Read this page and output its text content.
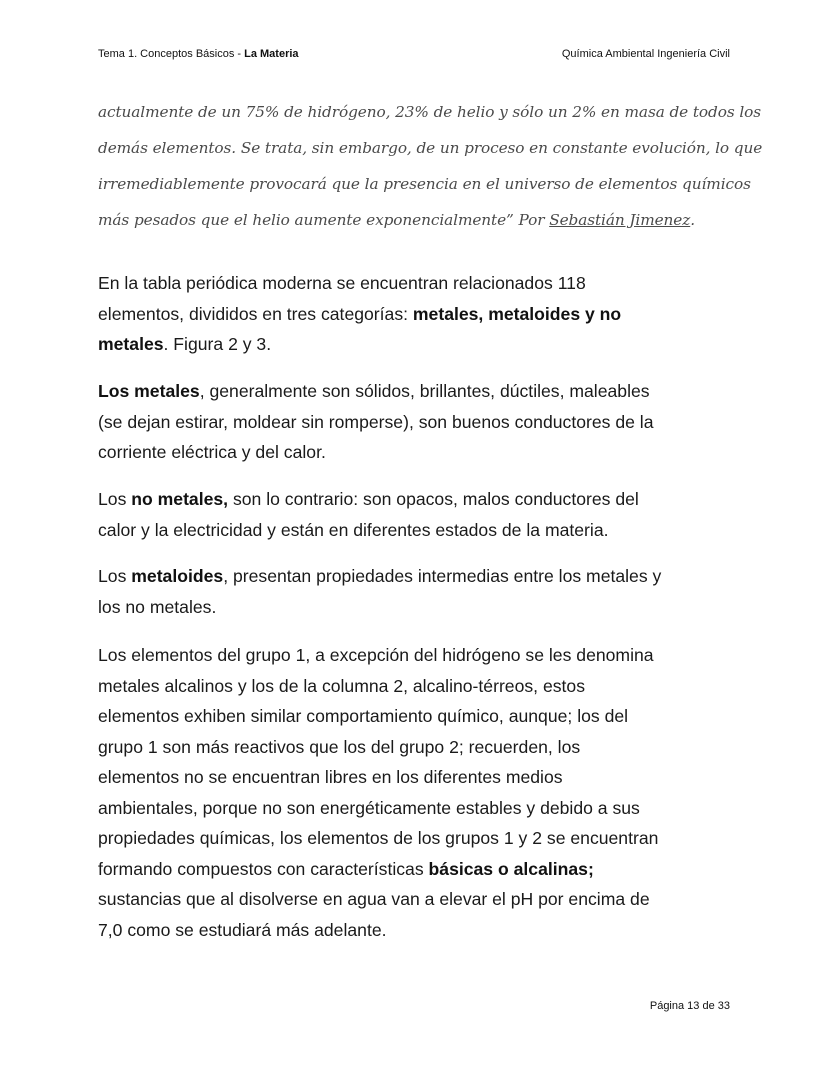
Tema 1. Conceptos Básicos - La Materia	Química Ambiental Ingeniería Civil
actualmente de un 75% de hidrógeno, 23% de helio y sólo un 2% en masa de todos los
demás elementos. Se trata, sin embargo, de un proceso en constante evolución, lo que
irremediablemente provocará que la presencia en el universo de elementos químicos
más pesados que el helio aumente exponencialmente” Por Sebastián Jimenez.
En la tabla periódica moderna se encuentran relacionados 118
elementos, divididos en tres categorías: metales, metaloides y no
metales. Figura 2 y 3.
Los metales, generalmente son sólidos, brillantes, dúctiles, maleables
(se dejan estirar, moldear sin romperse), son buenos conductores de la
corriente eléctrica y del calor.
Los no metales, son lo contrario: son opacos, malos conductores del
calor y la electricidad y están en diferentes estados de la materia.
Los metaloides, presentan propiedades intermedias entre los metales y
los no metales.
Los elementos del grupo 1, a excepción del hidrógeno se les denomina
metales alcalinos y los de la columna 2, alcalino-térreos, estos
elementos exhiben similar comportamiento químico, aunque; los del
grupo 1 son más reactivos que los del grupo 2; recuerden, los
elementos no se encuentran libres en los diferentes medios
ambientales, porque no son energéticamente estables y debido a sus
propiedades químicas, los elementos de los grupos 1 y 2 se encuentran
formando compuestos con características básicas o alcalinas;
sustancias que al disolverse en agua van a elevar el pH por encima de
7,0 como se estudiará más adelante.
Página 13 de 33
